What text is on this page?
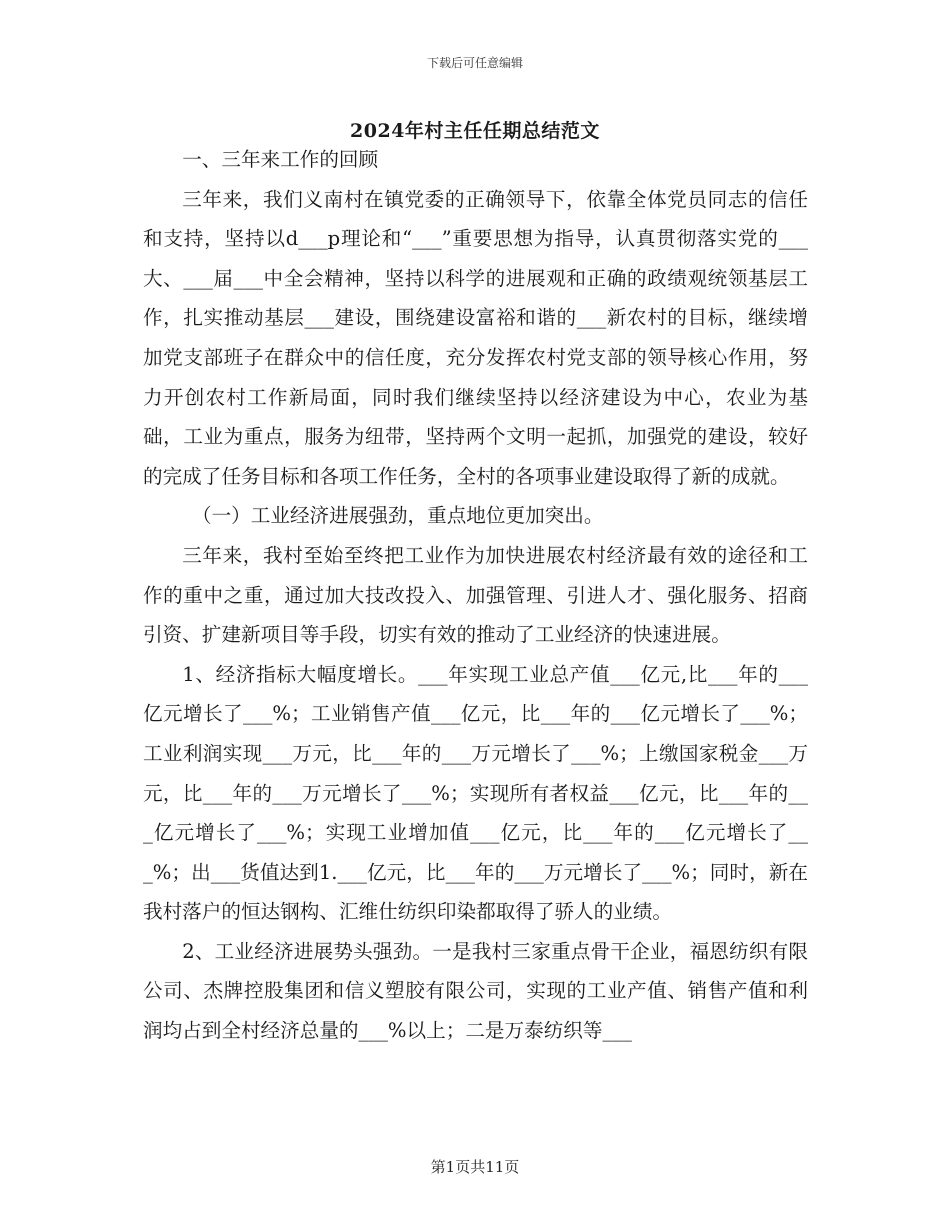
下载后可任意编辑
2024年村主任任期总结范文

一、三年来工作的回顾

三年来，我们义南村在镇党委的正确领导下，依靠全体党员同志的信任和支持，坚持以d___p理论和“___”重要思想为指导，认真贯彻落实党的___大、___届___中全会精神，坚持以科学的进展观和正确的政绩观统领基层工作，扎实推动基层___建设，围绕建设富裕和谐的___新农村的目标，继续增加党支部班子在群众中的信任度，充分发挥农村党支部的领导核心作用，努力开创农村工作新局面，同时我们继续坚持以经济建设为中心，农业为基础，工业为重点，服务为纽带，坚持两个文明一起抓，加强党的建设，较好的完成了任务目标和各项工作任务，全村的各项事业建设取得了新的成就。

（一）工业经济进展强劲，重点地位更加突出。

三年来，我村至始至终把工业作为加快进展农村经济最有效的途径和工作的重中之重，通过加大技改投入、加强管理、引进人才、强化服务、招商引资、扩建新项目等手段，切实有效的推动了工业经济的快速进展。

1、经济指标大幅度增长。___年实现工业总产值___亿元,比___年的___亿元增长了___%；工业销售产值___亿元，比___年的___亿元增长了___%；工业利润实现___万元，比___年的___万元增长了___%；上缴国家税金___万元，比___年的___万元增长了___%；实现所有者权益___亿元，比___年的___亿元增长了___%；实现工业增加值___亿元，比___年的___亿元增长了___%；出___货值达到1.___亿元，比___年的___万元增长了___%；同时，新在我村落户的恒达钢构、汇维仕纺织印染都取得了骄人的业绩。

2、工业经济进展势头强劲。一是我村三家重点骨干企业，福恩纺织有限公司、杰牌控股集团和信义塑胶有限公司，实现的工业产值、销售产值和利润均占到全村经济总量的___%以上；二是万泰纺织等___

第1页共11页
